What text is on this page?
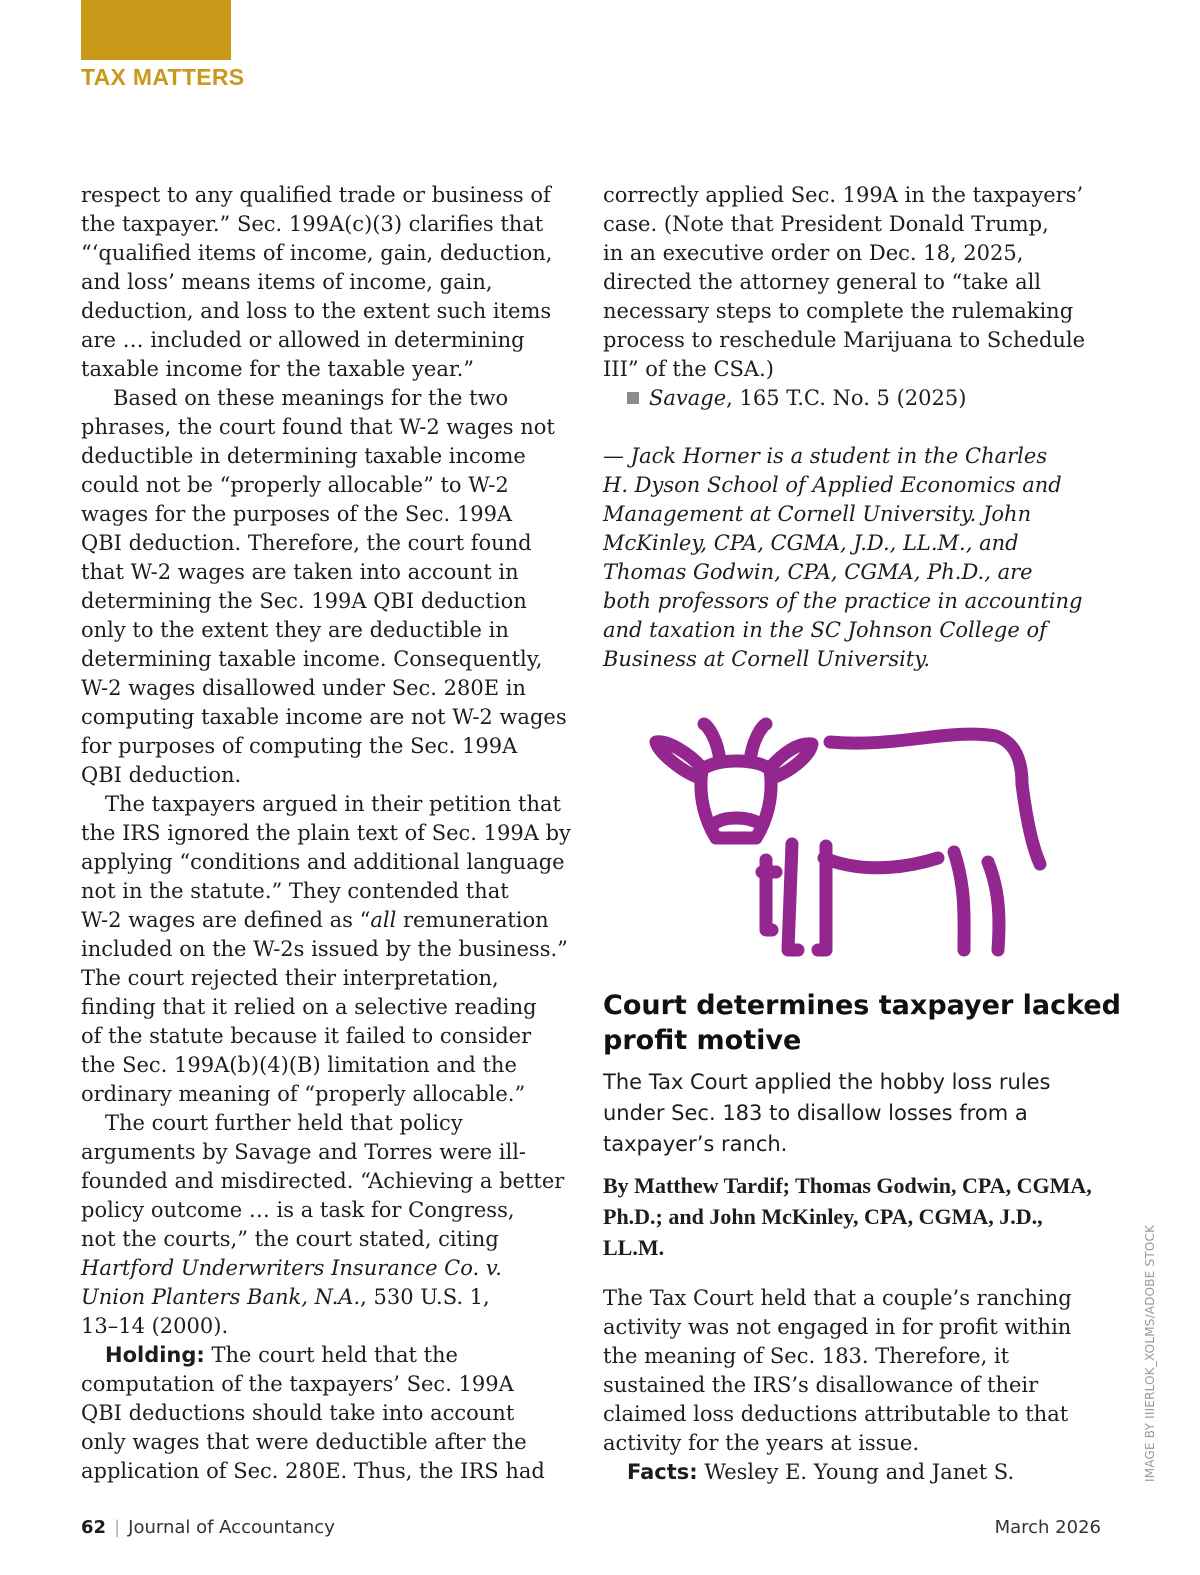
TAX MATTERS

respect to any qualified trade or business of

the taxpayer.” Sec. 199A(c)(3) clarifies that

“‘qualified items of income, gain, deduction,

and loss’ means items of income, gain,

deduction, and loss to the extent such items

are … included or allowed in determining

taxable income for the taxable year.”

Based on these meanings for the two

phrases, the court found that W-2 wages not

deductible in determining taxable income

could not be “properly allocable” to W-2

wages for the purposes of the Sec. 199A

QBI deduction. Therefore, the court found

that W-2 wages are taken into account in

determining the Sec. 199A QBI deduction

only to the extent they are deductible in

determining taxable income. Consequently,

W-2 wages disallowed under Sec. 280E in

computing taxable income are not W-2 wages

for purposes of computing the Sec. 199A

QBI deduction.

The taxpayers argued in their petition that

the IRS ignored the plain text of Sec. 199A by

applying “conditions and additional language

not in the statute.” They contended that

W-2 wages are defined as “all remuneration

included on the W-2s issued by the business.”

The court rejected their interpretation,

finding that it relied on a selective reading

of the statute because it failed to consider

the Sec. 199A(b)(4)(B) limitation and the

ordinary meaning of “properly allocable.”

The court further held that policy

arguments by Savage and Torres were ill-

founded and misdirected. “Achieving a better

policy outcome … is a task for Congress,

not the courts,” the court stated, citing

Hartford Underwriters Insurance Co. v.

Union Planters Bank, N.A., 530 U.S. 1,

13–14 (2000).

Holding: The court held that the

computation of the taxpayers’ Sec. 199A

QBI deductions should take into account

only wages that were deductible after the

application of Sec. 280E. Thus, the IRS had

correctly applied Sec. 199A in the taxpayers’

case. (Note that President Donald Trump,

in an executive order on Dec. 18, 2025,

directed the attorney general to “take all

necessary steps to complete the rulemaking

process to reschedule Marijuana to Schedule

III” of the CSA.)

Savage, 165 T.C. No. 5 (2025)

— Jack Horner is a student in the Charles

H. Dyson School of Applied Economics and

Management at Cornell University. John

McKinley, CPA, CGMA, J.D., LL.M., and

Thomas Godwin, CPA, CGMA, Ph.D., are

both professors of the practice in accounting

and taxation in the SC Johnson College of

Business at Cornell University.

Court determines taxpayer lacked
profit motive
The Tax Court applied the hobby loss rules
under Sec. 183 to disallow losses from a
taxpayer’s ranch.
By Matthew Tardif; Thomas Godwin, CPA, CGMA,
Ph.D.; and John McKinley, CPA, CGMA, J.D.,
LL.M.

The Tax Court held that a couple’s ranching

activity was not engaged in for profit within

the meaning of Sec. 183. Therefore, it

sustained the IRS’s disallowance of their

claimed loss deductions attributable to that

activity for the years at issue.

Facts: Wesley E. Young and Janet S.	IMAGE BY IIIERLOK_XOLMS/ADOBE STOCK
62 | Journal of Accountancy	March 2026
